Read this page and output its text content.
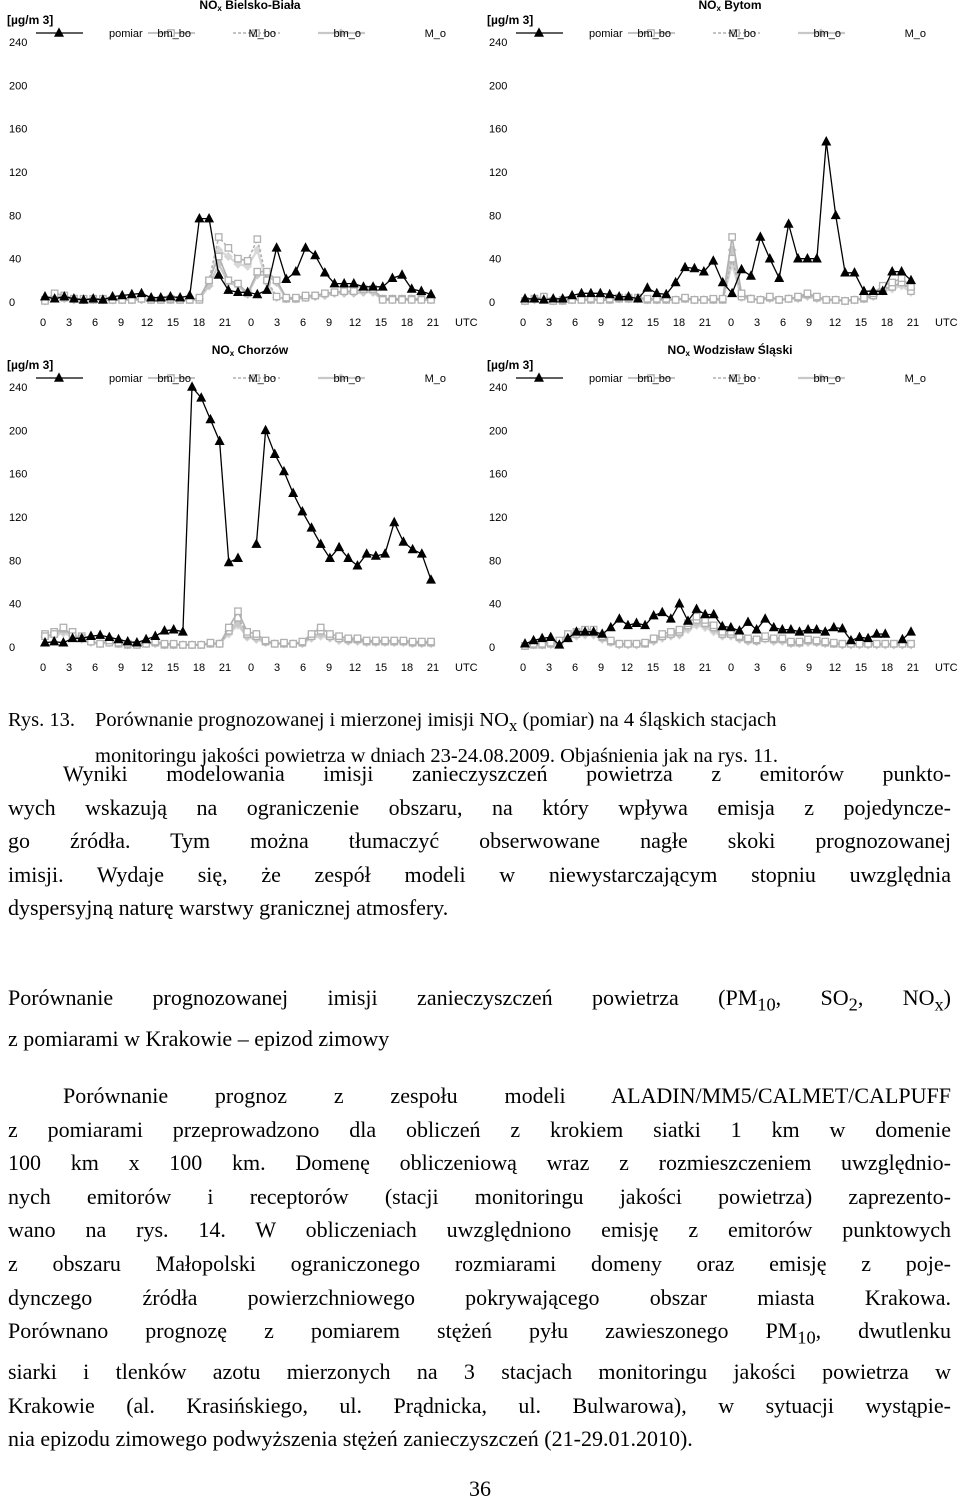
NOx Bielsko-Biała
[µg/m 3]
0
40
80
120
160
200
240
0 3 6 9 12 15 18 21 0 3 6 9 12 15 18 21 UTC
pomiar bm_bo	M_bo	bm_o	M_o
NOx Bytom
[µg/m 3]
0
40
80
120
160
200
240
0 3 6 9 12 15 18 21 0 3 6 9 12 15 18 21 UTC
pomiar bm_bo	M_bo	bm_o	M_o
NOx Chorzów
[µg/m 3]
0
40
80
120
160
200
240
0 3 6 9 12 15 18 21 0 3 6 9 12 15 18 21 UTC
pomiar bm_bo	M_bo	bm_o	M_o
NOx Wodzisław Śląski
[µg/m 3]
0
40
80
120
160
200
240
0 3 6 9 12 15 18 21 0 3 6 9 12 15 18 21 UTC
pomiar bm_bo	M_bo	bm_o	M_o
Rys. 13. Porównanie prognozowanej i mierzonej imisji $NO_x$ (pomiar) na 4 śląskich stacjach
monitoringu jakości powietrza w dniach 23-24.08.2009. Objaśnienia jak na rys. 11.
Wyniki modelowania imisji zanieczyszczeń powietrza z emitorów punkto-
wych wskazują na ograniczenie obszaru, na który wpływa emisja z pojedyncze-
go źródła. Tym można tłumaczyć obserwowane nagłe skoki prognozowanej
imisji. Wydaje się, że zespół modeli w niewystarczającym stopniu uwzględnia
dyspersyjną naturę warstwy granicznej atmosfery.
Porównanie prognozowanej imisji zanieczyszczeń powietrza ($PM_{10}$, $SO_2$, $NO_x$)
z pomiarami w Krakowie – epizod zimowy
Porównanie prognoz z zespołu modeli ALADIN/MM5/CALMET/CALPUFF
z pomiarami przeprowadzono dla obliczeń z krokiem siatki 1 km w domenie
100 km x 100 km. Domenę obliczeniową wraz z rozmieszczeniem uwzględnio-
nych emitorów i receptorów (stacji monitoringu jakości powietrza) zaprezento-
wano na rys. 14. W obliczeniach uwzględniono emisję z emitorów punktowych
z obszaru Małopolski ograniczonego rozmiarami domeny oraz emisję z poje-
dynczego źródła powierzchniowego pokrywającego obszar miasta Krakowa.
Porównano prognozę z pomiarem stężeń pyłu zawieszonego $PM_{10}$, dwutlenku
siarki i tlenków azotu mierzonych na 3 stacjach monitoringu jakości powietrza w
Krakowie (al. Krasińskiego, ul. Prądnicka, ul. Bulwarowa), w sytuacji wystąpie-
nia epizodu zimowego podwyższenia stężeń zanieczyszczeń (21-29.01.2010).
36
